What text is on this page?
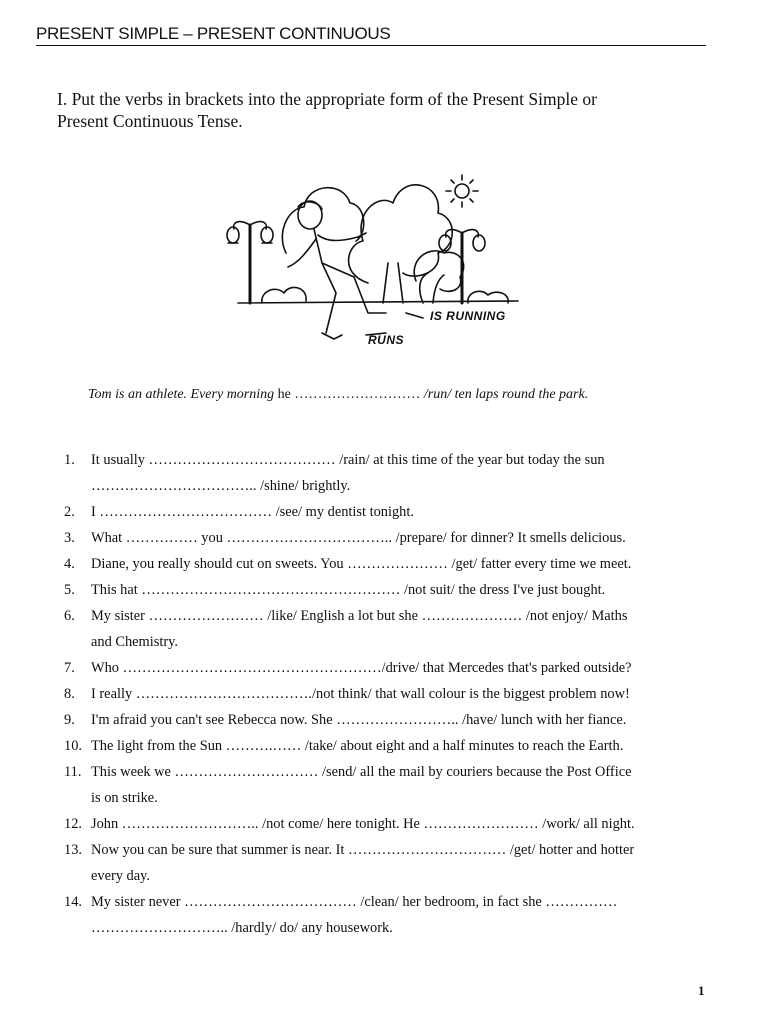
PRESENT SIMPLE – PRESENT CONTINUOUS
I. Put the verbs in brackets into the appropriate form of the Present Simple or
Present Continuous Tense.
IS RUNNING
RUNS
Tom is an athlete. Every morning he ……………………… /run/ ten laps round the park.
1.	It usually ………………………………… /rain/ at this time of the year but today the sun
…………………………….. /shine/ brightly.
2.	I ……………………………… /see/ my dentist tonight.
3.	What …………… you …………………………….. /prepare/ for dinner? It smells delicious.
4.	Diane, you really should cut on sweets. You ………………… /get/ fatter every time we meet.
5.	This hat ……………………………………………… /not suit/ the dress I've just bought.
6.	My sister …………………… /like/ English a lot but she ………………… /not enjoy/ Maths
and Chemistry.
7.	Who ………………………………………………/drive/ that Mercedes that's parked outside?
8.	I really ………………………………./not think/ that wall colour is the biggest problem now!
9.	I'm afraid you can't see Rebecca now. She …………………….. /have/ lunch with her fiance.
10. The light from the Sun ……….…… /take/ about eight and a half minutes to reach the Earth.
11. This week we ………………………… /send/ all the mail by couriers because the Post Office
is on strike.
12. John ……………………….. /not come/ here tonight. He …………………… /work/ all night.
13. Now you can be sure that summer is near. It …………………………… /get/ hotter and hotter
every day.
14. My sister never ……………………………… /clean/ her bedroom, in fact she ……………
……………………….. /hardly/ do/ any housework.
1
